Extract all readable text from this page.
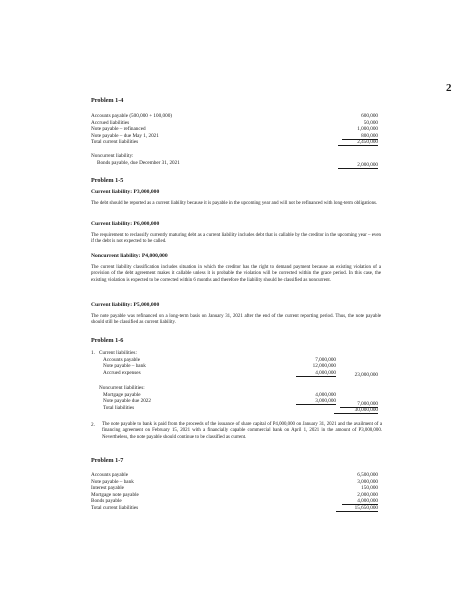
2
Problem 1-4
Accounts payable (500,000 + 100,000)	600,000
Accrued liabilities	50,000
Note payable – refinanced	1,000,000
Note payable – due May 1, 2021	800,000
Total current liabilities	2,450,000
Noncurrent liability:
Bonds payable, due December 31, 2021	2,000,000
Problem 1-5
Current liability: P3,000,000
The debt should be reported as a current liability because it is payable in the upcoming year and will not be refinanced with long-term obligations.
Current liability: P6,000,000
The requirement to reclassify currently maturing debt as a current liability includes debt that is callable by the creditor in the upcoming year – even if the debt is not expected to be called.
Noncurrent liability: P4,000,000
The current liability classification includes situation in which the creditor has the right to demand payment because an existing violation of a provision of the debt agreement makes it callable unless it is probable the violation will be corrected within the grace period. In this case, the existing violation is expected to be corrected within 6 months and therefore the liability should be classified as noncurrent.
Current liability: P5,000,000
The note payable was refinanced on a long-term basis on January 31, 2021 after the end of the current reporting period. Thus, the note payable should still be classified as current liability.
Problem 1-6
1. Current liabilities:
Accounts payable	7,000,000
Note payable – bank	12,000,000
Accrued expenses	4,000,000	23,000,000
Noncurrent liabilities:
Mortgage payable	4,000,000
Note payable due 2022	3,000,000	7,000,000
Total liabilities	30,000,000
2. The note payable to bank is paid from the proceeds of the issuance of share capital of P4,000,000 on January 31, 2021 and the availment of a financing agreement on February 15, 2021 with a financially capable commercial bank on April 1, 2021 in the amount of P3,000,000. Nevertheless, the note payable should continue to be classified as current.
Problem 1-7
Accounts payable	6,500,000
Note payable – bank	3,000,000
Interest payable	150,000
Mortgage note payable	2,000,000
Bonds payable	4,000,000
Total current liabilities	15,650,000
